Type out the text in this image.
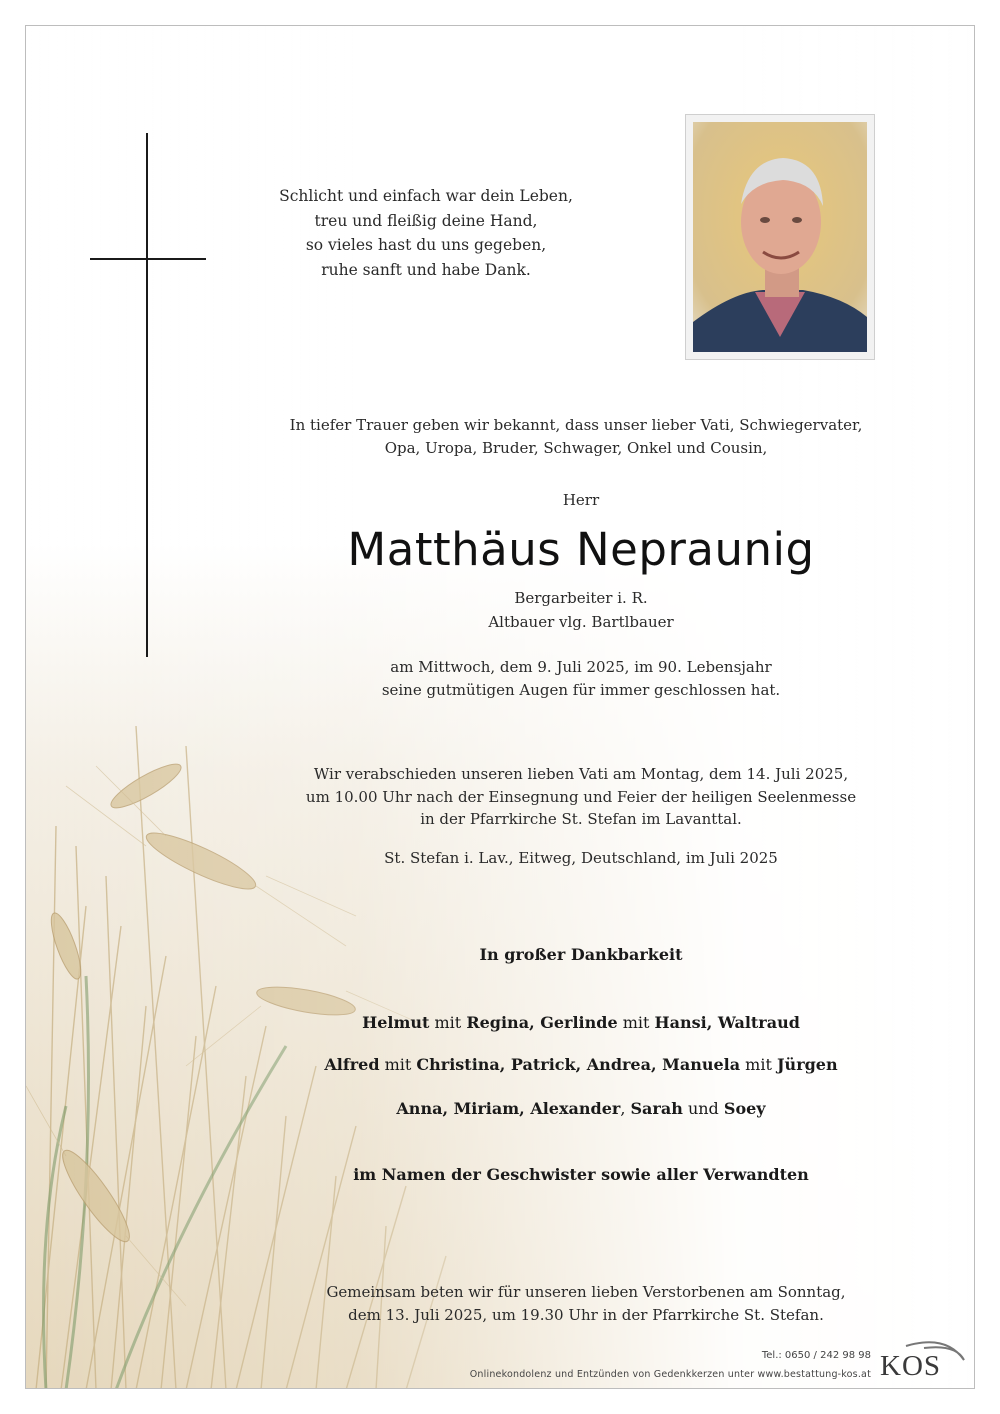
Schlicht und einfach war dein Leben,
treu und fleißig deine Hand,
so vieles hast du uns gegeben,
ruhe sanft und habe Dank.
In tiefer Trauer geben wir bekannt, dass unser lieber Vati, Schwiegervater,
Opa, Uropa, Bruder, Schwager, Onkel und Cousin,
Herr
Matthäus Nepraunig
Bergarbeiter i. R.
Altbauer vlg. Bartlbauer
am Mittwoch, dem 9. Juli 2025, im 90. Lebensjahr
seine gutmütigen Augen für immer geschlossen hat.
Wir verabschieden unseren lieben Vati am Montag, dem 14. Juli 2025,
um 10.00 Uhr nach der Einsegnung und Feier der heiligen Seelenmesse
in der Pfarrkirche St. Stefan im Lavanttal.
St. Stefan i. Lav., Eitweg, Deutschland, im Juli 2025
In großer Dankbarkeit
Helmut mit Regina, Gerlinde mit Hansi, Waltraud
Alfred mit Christina, Patrick, Andrea, Manuela mit Jürgen
Anna, Miriam, Alexander, Sarah und Soey
im Namen der Geschwister sowie aller Verwandten
Gemeinsam beten wir für unseren lieben Verstorbenen am Sonntag,
dem 13. Juli 2025, um 19.30 Uhr in der Pfarrkirche St. Stefan.
Tel.: 0650 / 242 98 98
Onlinekondolenz und Entzünden von Gedenkkerzen unter www.bestattung-kos.at KOS
